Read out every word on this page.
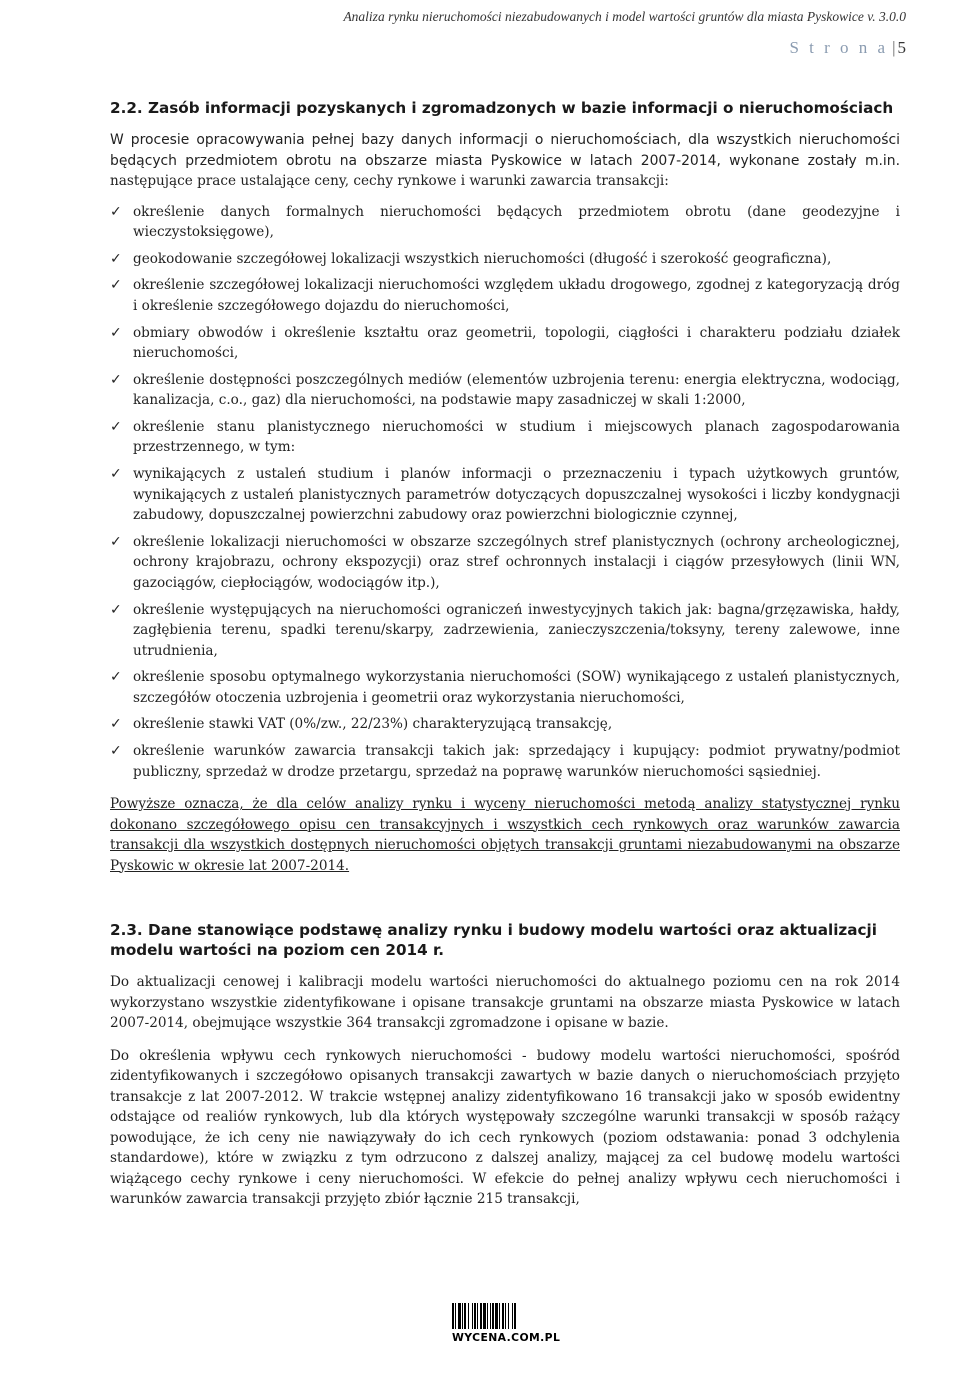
Analiza rynku nieruchomości niezabudowanych i model wartości gruntów dla miasta Pyskowice v. 3.0.0
S t r o n a | 5
2.2. Zasób informacji pozyskanych i zgromadzonych w bazie informacji o nieruchomościach

W procesie opracowywania pełnej bazy danych informacji o nieruchomościach, dla wszystkich nieruchomości będących przedmiotem obrotu na obszarze miasta Pyskowice w latach 2007-2014, wykonane zostały m.in. następujące prace ustalające ceny, cechy rynkowe i warunki zawarcia transakcji:

✓ określenie danych formalnych nieruchomości będących przedmiotem obrotu (dane geodezyjne i wieczystoksięgowe),
✓ geokodowanie szczegółowej lokalizacji wszystkich nieruchomości (długość i szerokość geograficzna),
✓ określenie szczegółowej lokalizacji nieruchomości względem układu drogowego, zgodnej z kategoryzacją dróg i określenie szczegółowego dojazdu do nieruchomości,
✓ obmiary obwodów i określenie kształtu oraz geometrii, topologii, ciągłości i charakteru podziału działek nieruchomości,
✓ określenie dostępności poszczególnych mediów (elementów uzbrojenia terenu: energia elektryczna, wodociąg, kanalizacja, c.o., gaz) dla nieruchomości, na podstawie mapy zasadniczej w skali 1:2000,
✓ określenie stanu planistycznego nieruchomości w studium i miejscowych planach zagospodarowania przestrzennego, w tym:
✓ wynikających z ustaleń studium i planów informacji o przeznaczeniu i typach użytkowych gruntów, wynikających z ustaleń planistycznych parametrów dotyczących dopuszczalnej wysokości i liczby kondygnacji zabudowy, dopuszczalnej powierzchni zabudowy oraz powierzchni biologicznie czynnej,
✓ określenie lokalizacji nieruchomości w obszarze szczególnych stref planistycznych (ochrony archeologicznej, ochrony krajobrazu, ochrony ekspozycji) oraz stref ochronnych instalacji i ciągów przesyłowych (linii WN, gazociągów, ciepłociągów, wodociągów itp.),
✓ określenie występujących na nieruchomości ograniczeń inwestycyjnych takich jak: bagna/grzęzawiska, hałdy, zagłębienia terenu, spadki terenu/skarpy, zadrzewienia, zanieczyszczenia/toksyny, tereny zalewowe, inne utrudnienia,
✓ określenie sposobu optymalnego wykorzystania nieruchomości (SOW) wynikającego z ustaleń planistycznych, szczegółów otoczenia uzbrojenia i geometrii oraz wykorzystania nieruchomości,
✓ określenie stawki VAT (0%/zw., 22/23%) charakteryzującą transakcję,
✓ określenie warunków zawarcia transakcji takich jak: sprzedający i kupujący: podmiot prywatny/podmiot publiczny, sprzedaż w drodze przetargu, sprzedaż na poprawę warunków nieruchomości sąsiedniej.

Powyższe oznacza, że dla celów analizy rynku i wyceny nieruchomości metodą analizy statystycznej rynku dokonano szczegółowego opisu cen transakcyjnych i wszystkich cech rynkowych oraz warunków zawarcia transakcji dla wszystkich dostępnych nieruchomości objętych transakcji gruntami niezabudowanymi na obszarze Pyskowic w okresie lat 2007-2014.

2.3. Dane stanowiące podstawę analizy rynku i budowy modelu wartości oraz aktualizacji modelu wartości na poziom cen 2014 r.

Do aktualizacji cenowej i kalibracji modelu wartości nieruchomości do aktualnego poziomu cen na rok 2014 wykorzystano wszystkie zidentyfikowane i opisane transakcje gruntami na obszarze miasta Pyskowice w latach 2007-2014, obejmujące wszystkie 364 transakcji zgromadzone i opisane w bazie.

Do określenia wpływu cech rynkowych nieruchomości - budowy modelu wartości nieruchomości, spośród zidentyfikowanych i szczegółowo opisanych transakcji zawartych w bazie danych o nieruchomościach przyjęto transakcje z lat 2007-2012. W trakcie wstępnej analizy zidentyfikowano 16 transakcji jako w sposób ewidentny odstające od realiów rynkowych, lub dla których występowały szczególne warunki transakcji w sposób rażący powodujące, że ich ceny nie nawiązywały do ich cech rynkowych (poziom odstawania: ponad 3 odchylenia standardowe), które w związku z tym odrzucono z dalszej analizy, mającej za cel budowę modelu wartości wiążącego cechy rynkowe i ceny nieruchomości. W efekcie do pełnej analizy wpływu cech nieruchomości i warunków zawarcia transakcji przyjęto zbiór łącznie 215 transakcji,

WYCENA.COM.PL
